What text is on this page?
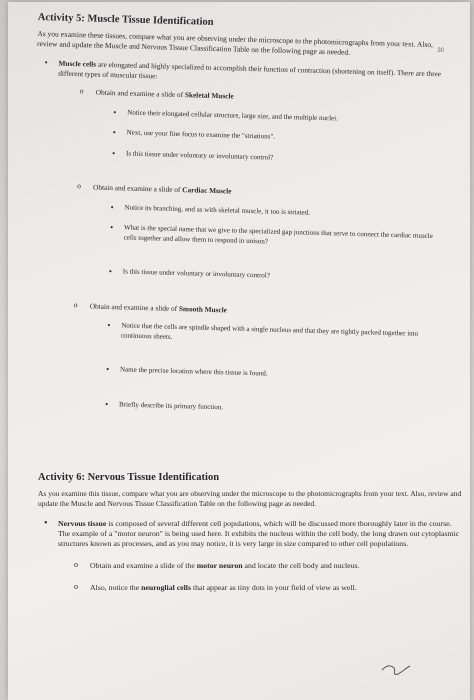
30
Activity 5: Muscle Tissue Identification

As you examine these tissues, compare what you are observing under the microscope to the photomicrographs from your text. Also, review and update the Muscle and Nervous Tissue Classification Table on the following page as needed.

• Muscle cells are elongated and highly specialized to accomplish their function of contraction (shortening on itself). There are three different types of muscular tissue:
o Obtain and examine a slide of Skeletal Muscle
• Notice their elongated cellular structure, large size, and the multiple nuclei.
• Next, use your fine focus to examine the "striations".
• Is this tissue under voluntary or involuntary control?
o Obtain and examine a slide of Cardiac Muscle
• Notice its branching, and as with skeletal muscle, it too is striated.
• What is the special name that we give to the specialized gap junctions that serve to connect the cardiac muscle cells together and allow them to respond in unison?
• Is this tissue under voluntary or involuntary control?
o Obtain and examine a slide of Smooth Muscle
• Notice that the cells are spindle shaped with a single nucleus and that they are tightly packed together into continuous sheets.
• Name the precise location where this tissue is found.
• Briefly describe its primary function.
Activity 6: Nervous Tissue Identification

As you examine this tissue, compare what you are observing under the microscope to the photomicrographs from your text. Also, review and update the Muscle and Nervous Tissue Classification Table on the following page as needed.

• Nervous tissue is composed of several different cell populations, which will be discussed more thoroughly later in the course. The example of a "motor neuron" is being used here. It exhibits the nucleus within the cell body, the long drawn out cytoplasmic structures known as processes, and as you may notice, it is very large in size compared to other cell populations.
o Obtain and examine a slide of the motor neuron and locate the cell body and nucleus.
o Also, notice the neuroglial cells that appear as tiny dots in your field of view as well.
